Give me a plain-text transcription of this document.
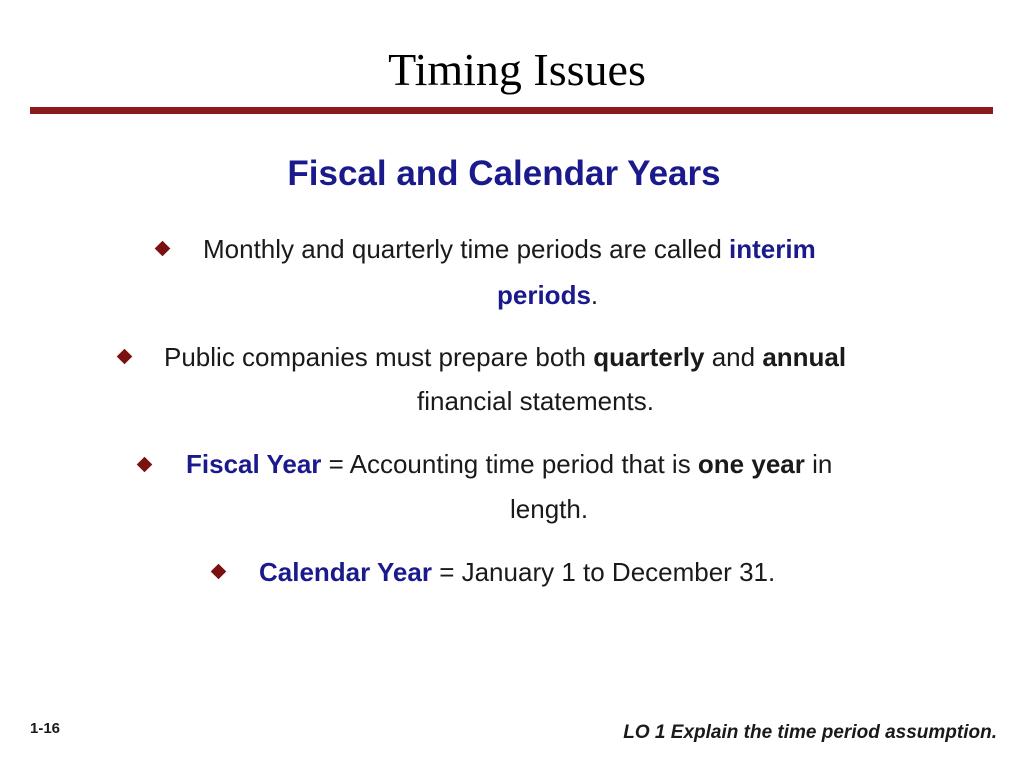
Timing Issues
Fiscal and Calendar Years
Monthly and quarterly time periods are called interim
periods.
Public companies must prepare both quarterly and annual
financial statements.
Fiscal Year = Accounting time period that is one year in
length.
Calendar Year = January 1 to December 31.
1-16	LO 1 Explain the time period assumption.
